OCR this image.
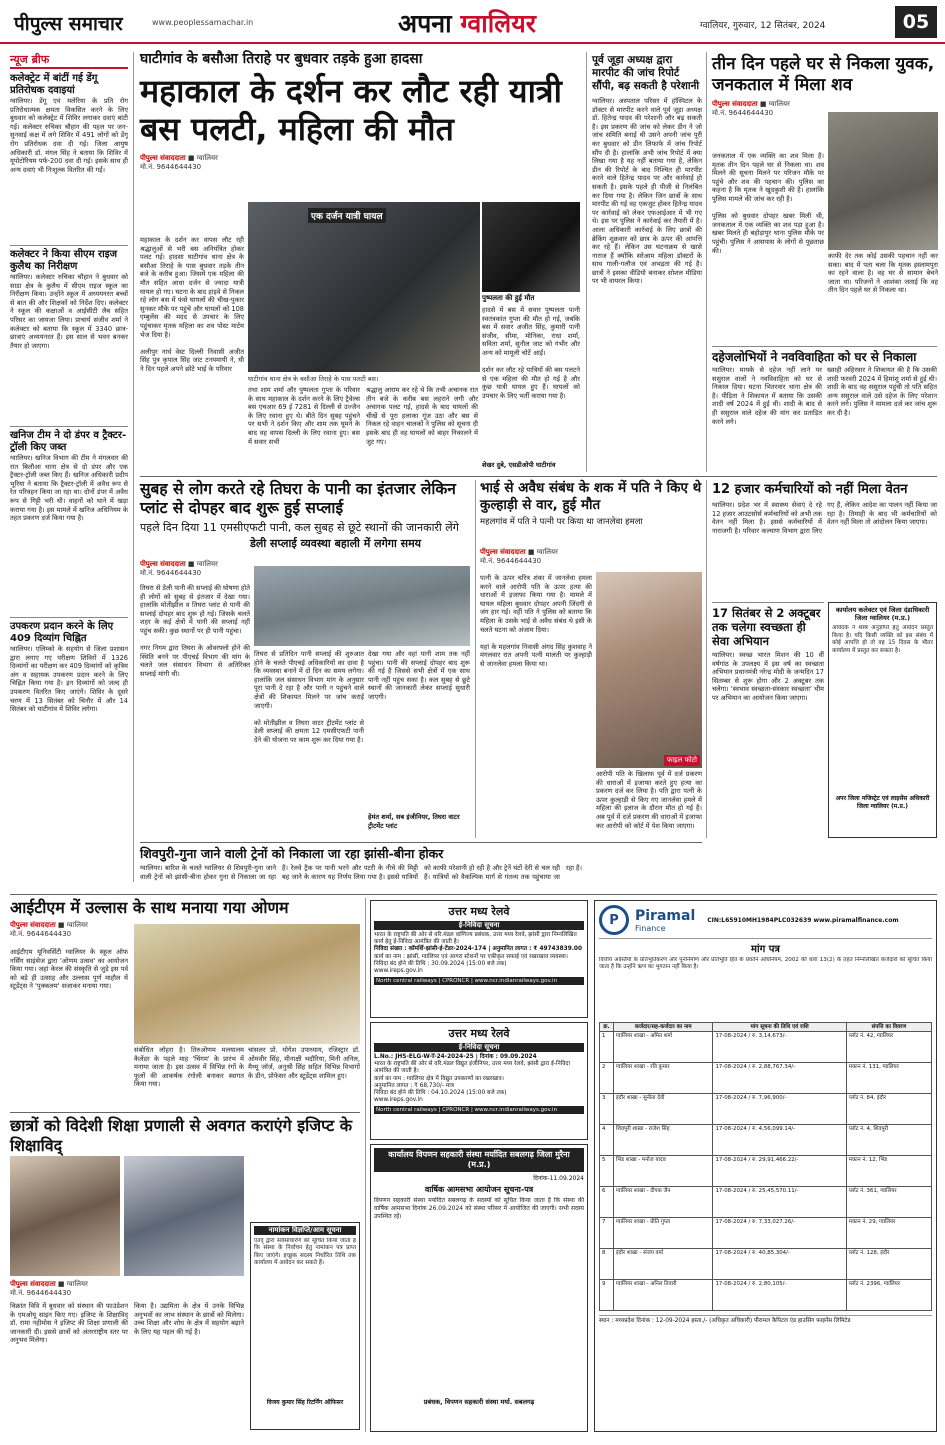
पीपुल्स समाचार	www.peoplessamachar.in	अपना ग्वालियर	ग्वालियर, गुरुवार, 12 सितंबर, 2024	05
न्यूज ब्रीफ
कलेक्ट्रेट में बांटीं गई डेंगू प्रतिरोधक दवाइयां
ग्वालियर। डेंगू एवं मलेरिया के प्रति रोग प्रतिरोधात्मक क्षमता विकसित करने के लिए बुधवार को कलेक्ट्रेट में शिविर लगाकर दवाएं बांटी गई। कलेक्टर रुचिका चौहान की पहल पर जन-सुनवाई कक्ष में लगे शिविर में 491 लोगों को डेंगू रोग प्रतिरोधक दवा दी गई। जिला आयुष अधिकारी डॉ. मंगल सिंह ने बताया कि शिविर में यूपोटोरियम पर्फ-200 दवा दी गई। इसके साथ ही अन्य दवाएं भी निःशुल्क वितरित की गईं।
कलेक्टर ने किया सीएम राइज कुलैथ का निरीक्षण
ग्वालियर। कलेक्टर रुचिका चौहान ने बुधवार को साडा क्षेत्र के कुलैथ में सीएम राइज स्कूल का निरीक्षण किया। उन्होंने स्कूल में अध्ययनरत बच्चों से बात की और शिक्षकों को निर्देश दिए। कलेक्टर ने स्कूल की कक्षाओं व आईसीटी लैब सहित परिसर का जायजा लिया। प्राचार्य संजीव शर्मा ने कलेक्टर को बताया कि स्कूल में 3340 छात्र-छात्राएं अध्ययनरत हैं। इस साल से भवन बनकर तैयार हो जाएगा।
खनिज टीम ने दो डंपर व ट्रैक्टर-ट्रॉली किए जब्त
ग्वालियर। खनिज विभाग की टीम ने मंगलवार की रात बिलौआ थाना क्षेत्र से दो डंपर और एक ट्रैक्टर-ट्रॉली जब्त किए हैं। खनिज अधिकारी प्रदीप भूरिया ने बताया कि ट्रैक्टर-ट्रॉली में अवैध रूप से रेत परिवहन किया जा रहा था। दोनों डंपर में अवैध रूप से गिट्टी भरी थी। वाहनों को थाने में खड़ा कराया गया है। इस मामले में खनिज अधिनियम के तहत प्रकरण दर्ज किया गया है।
उपकरण प्रदान करने के लिए 409 दिव्यांग चिह्नित
ग्वालियर। एलिम्को के सहयोग से जिला प्रशासन द्वारा लगाए गए परीक्षण शिविरों में 1326 दिव्यांगों का परीक्षण कर 409 दिव्यांगों को कृत्रिम अंग व सहायक उपकरण प्रदान करने के लिए चिह्नित किया गया है। इन दिव्यांगों को जल्द ही उपकरण वितरित किए जाएंगे। शिविर के दूसरे चरण में 13 सितंबर को चिनौर में और 14 सितंबर को घाटीगांव में शिविर लगेगा।
घाटीगांव के बसौआ तिराहे पर बुधवार तड़के हुआ हादसा
महाकाल के दर्शन कर लौट रही यात्री बस पलटी, महिला की मौत
पीपुल्स संवाददाता ■ ग्वालियर
मो.नं. 9644644430
एक दर्जन यात्री घायल
पुष्पलता की हुई मौत
महाकाल के दर्शन कर वापस लौट रही श्रद्धालुओं से भरी बस अनियंत्रित होकर पलट गई। हादसा घाटीगांव थाना क्षेत्र के बसौआ तिराहे के पास बुधवार तड़के तीन बजे के करीब हुआ। जिसमें एक महिला की मौत सहित आधा दर्जन से ज्यादा यात्री घायल हो गए। घटना के बाद हाइवे से निकल रहे लोग बस में फंसे घायलों की चीख-पुकार सुनकर मौके पर पहुंचे और घायलों को 108 एम्बुलेंस की मदद से उपचार के लिए पहुंचाकर मृतक महिला का शव पोस्ट मार्टम भेज दिया है।

अलीपुर नार्थ वेस्ट दिल्ली निवासी अजीत सिंह पुत्र कृपाल सिंह जाट टनयमायी ने, घी ने दिन पहले अपने छोटे भाई के परिवार
घाटीगांव थाना क्षेत्र के बसौआ तिराहे के पास पलटी बस।
तथा शाम शर्मा और पुष्पलता गुप्ता के परिवार के साथ महाकाल के दर्शन करने के लिए ट्रैवेल्स बस एचआर 69 ई 7281 से दिल्ली से उज्जैन के लिए रवाना हुए थे। बीते दिन सुबह पहुंचने पर सभी ने दर्शन किए और शाम तक घूमने के बाद वह वापस दिल्ली के लिए रवाना हुए। बस में सवार सभी
श्रद्धालु आराम कर रहे थे कि तभी अचानक रात तीन बजे के करीब बस लहराने लगी और अचानक पलट गई, हादसे के बाद घायलों की चीखें से पूरा हलाका गूंज उठा और बस से निकल रहे वाहन चालकों ने पुलिस को सूचना दी इसके बाद ही वह घायलों को बाहर निकालने में जुट गए।
हादसे में बस में सवार पुष्पलता पत्नी स्वतंत्रकांत गुप्ता की मौत हो गई, जबकि बस में सवार अजीत सिंह, कुमारी पत्नी संजीव, सीमा, मोनिका, राधा शर्मा, सविता शर्मा, सुनील जाट को गंभीर और अन्य को मामूली चोटें आईं।

दर्शन कर लौट रहे यात्रियों की बस पलटने से एक महिला की मौत हो गई है और कुछ यात्री घायल हुए हैं। घायलों को उपचार के लिए भर्ती कराया गया है।
शेखर दुबे, एसडीओपी घाटीगांव
पूर्व जूड़ा अध्यक्ष द्वारा मारपीट की जांच रिपोर्ट सौंपी, बढ़ सकती है परेशानी
ग्वालियर। अस्पताल परिसर में हॉस्पिटल के डॉक्टर से मारपीट करने वाले पूर्व जूड़ा अध्यक्ष डॉ. हितेन्द्र यादव की परेशानी और बढ़ सकती है। इस प्रकरण की जांच को लेकर डीन ने जो जांच समिति बनाई थी उसने अपनी जांच पूरी कर बुधवार को डीन लिफाफे में जांच रिपोर्ट सौंप दी है। हालांकि अभी जांच रिपोर्ट में क्या लिखा गया है यह नहीं बताया गया है, लेकिन डीन की रिपोर्ट के बाद निश्चित ही मारपीट करने वाले हितेन्द्र यादव पर और कार्रवाई हो सकती है। इसके पहले ही पीजी से निलंबित कर दिया गया है। लेकिन जिन छात्रों के साथ मारपीट की गई वह एकजुट होकर हितेन्द्र यादव पर कार्रवाई को लेकर एफआईआर में भी गए थे। इस पर पुलिस ने कार्रवाई कर तैयारी में है। आला अधिकारी कार्रवाई के लिए छात्रों की ब्रेकिंग शुक्रवार को छात्र के ऊपर की आपत्ति कर रहे हैं। लेकिन उस घटनाक्रम से खासे नाराज हैं क्योंकि सरेआम महिला डॉक्टरों के साथ गाली-गलौज एवं अभद्रता की गई है। छात्रों ने इसका वीडियो बनाकर सोशल मीडिया पर भी वायरल किया।
तीन दिन पहले घर से निकला युवक, जनकताल में मिला शव
पीपुल्स संवाददाता ■ ग्वालियर
मो.नं. 9644644430
जनकताल में एक व्यक्ति का शव मिला है। मृतक तीन दिन पहले घर से निकला था। शव मिलने की सूचना मिलने पर परिजन मौके पर पहुंचे और शव की पहचान की। पुलिस का कहना है कि मृतक ने खुदकुशी की है। हालांकि पुलिस मामले की जांच कर रही है।

पुलिस को बुधवार दोपहर खबर मिली थी, जनकताल में एक व्यक्ति का शव पड़ा हुआ है। खबर मिलते ही बहोड़ापुर थाना पुलिस मौके पर पहुंची। पुलिस ने आसपास के लोगों से पूछताछ की।
काफी देर तक कोई उसकी पहचान नहीं कर सका। बाद में पता चला कि मृतक इस्लामपुरा का रहने वाला है। वह घर से सामान बेचने जाता था। परिजनों ने आशंका जताई कि वह तीन दिन पहले घर से निकला था।
दहेजलोभियों ने नवविवाहिता को घर से निकाला
ग्वालियर। मायके से दहेज नहीं लाने पर ससुराल वालों ने नवविवाहिता को घर से निकाल दिया। घटना भितरवार थाना क्षेत्र की है। पीड़िता ने शिकायत में बताया कि उसकी शादी वर्ष 2024 में हुई थी। शादी के बाद से ही ससुराल वाले दहेज की मांग कर प्रताड़ित करने लगे।
ख्वाही अहिरवार ने शिकायत की है कि उसकी शादी फरवरी 2024 में हिमांशु शर्मा से हुई थी। शादी के बाद वह ससुराल पहुंची तो पति सहित अन्य ससुराल वाले उसे दहेज के लिए परेशान करने लगे। पुलिस ने मामला दर्ज कर जांच शुरू कर दी है।
सुबह से लोग करते रहे तिघरा के पानी का इंतजार लेकिन प्लांट से दोपहर बाद शुरू हुई सप्लाई
पहले दिन दिया 11 एमसीएफटी पानी, कल सुबह से छूटे स्थानों की जानकारी लेंगे
डेली सप्लाई व्यवस्था बहाली में लगेगा समय
पीपुल्स संवाददाता ■ ग्वालियर
मो.नं. 9644644430
तिघरा से डेली पानी की सप्लाई की घोषणा होते ही लोगों को सुबह से इंतजार में देखा गया। हालांकि मोतीझील व तिघरा प्लांट से पानी की सप्लाई दोपहर बाद शुरू हो गई। जिसके चलते शहर के कई क्षेत्रों में पानी की सप्लाई नहीं पहुंच सकी। कुछ स्थानों पर ही पानी पहुंचा।

नगर निगम द्वारा तिघरा के ओवरफ्लो होने की स्थिति बनने पर पीएचई विभाग की मांग के चलते जल संसाधन विभाग से अतिरिक्त सप्लाई मांगी थी।
तिघरा से प्रतिदिन पानी सप्लाई की शुरुआत होने के चलते पीएचई अधिकारियों का दावा है कि व्यवस्था बनाने में दो दिन का समय लगेगा। हालांकि जल संसाधन विभाग मांग के अनुसार पूरा पानी दे रहा है और पानी न पहुंचने वाले क्षेत्रों की शिकायत मिलने पर जांच कराई जाएगी।

को मोतीझील व तिघरा वाटर ट्रीटमेंट प्लांट से डेली सप्लाई की क्षमता 12 एमसीएफटी पानी देने की योजना पर काम शुरू कर दिया गया है।
देखा गया और वहां पानी शाम तक नहीं पहुंचा। पानी की सप्लाई दोपहर बाद शुरू की गई है जिससे सभी क्षेत्रों में एक साथ पानी नहीं पहुंच सका है। कल सुबह से छूटे स्थानों की जानकारी लेकर सप्लाई सुधारी जाएगी।
हेमंत शर्मा, सब इंजीनियर, तिघरा वाटर ट्रीटमेंट प्लांट
भाई से अवैध संबंध के शक में पति ने किए थे कुल्हाड़ी से वार, हुई मौत
महलगांव में पति ने पत्नी पर किया था जानलेवा हमला
पीपुल्स संवाददाता ■ ग्वालियर
मो.नं. 9644644430
पत्नी के ऊपर चरित्र शंका में जानलेवा हमला करने वाले आरोपी पति के ऊपर हत्या की धाराओं में इजाफा किया गया है। मामले में घायल महिला बुधवार दोपहर अपनी जिंदगी से जंग हार गई। वहीं पति ने पुलिस को बताया कि महिला के उसके भाई से अवैध संबंध थे इसी के चलते घटना को अंजाम दिया।

यहां के महलगांव निवासी अंगद सिंह कुशवाह ने मंगलवार रात अपनी पत्नी मालती पर कुल्हाड़ी से जानलेवा हमला किया था।
फाइल फोटो
आरोपी पति के खिलाफ पूर्व में दर्ज प्रकरण की धाराओं में इजाफा करते हुए हत्या का प्रकरण दर्ज कर लिया है। पति द्वारा पत्नी के ऊपर कुल्हाड़ी से किए गए जानलेवा हमले में महिला की इलाज के दौरान मौत हो गई है। अब पूर्व में दर्ज प्रकरण की धाराओं में इजाफा कर आरोपी को कोर्ट में पेश किया जाएगा।
12 हजार कर्मचारियों को नहीं मिला वेतन
ग्वालियर। प्रदेश भर में स्वास्थ्य सेवाएं दे रहे 12 हजार आउटसोर्स कर्मचारियों को अभी तक वेतन नहीं मिला है। इससे कर्मचारियों में नाराजगी है। परिवार कल्याण विभाग द्वारा लिए गए हैं, लेकिन आदेश का पालन नहीं किया जा रहा है। तिमाही के बाद भी कर्मचारियों को वेतन नहीं मिला तो आंदोलन किया जाएगा।
17 सितंबर से 2 अक्टूबर तक चलेगा स्वच्छता ही सेवा अभियान
ग्वालियर। स्वच्छ भारत मिशन की 10 वीं वर्षगांठ के उपलक्ष्य में इस वर्ष का स्वच्छता अभियान प्रधानमंत्री नरेन्द्र मोदी के जन्मदिन 17 सितम्बर से शुरू होगा और 2 अक्टूबर तक चलेगा। 'स्वभाव स्वच्छता-संस्कार स्वच्छता' थीम पर अभियान का आयोजन किया जाएगा।
कार्यालय कलेक्टर एवं जिला दंडाधिकारी जिला ग्वालियर (म.प्र.)
आवेदक ने शस्त्र अनुज्ञप्ति हेतु आवेदन प्रस्तुत किया है। यदि किसी व्यक्ति को इस संबंध में कोई आपत्ति हो तो वह 15 दिवस के भीतर कार्यालय में प्रस्तुत कर सकता है।
अपर जिला मजिस्ट्रेट एवं लाइसेंस अधिकारी जिला ग्वालियर (म.प्र.)
शिवपुरी-गुना जाने वाली ट्रेनों को निकाला जा रहा झांसी-बीना होकर
ग्वालियर। बारिश के चलते ग्वालियर से शिवपुरी-गुना जाने वाली ट्रेनों को झांसी-बीना होकर गुना से निकाला जा रहा है। रेलवे ट्रैक पर पानी भरने और पटरी के नीचे की मिट्टी बह जाने के कारण यह निर्णय लिया गया है। इससे यात्रियों को काफी परेशानी हो रही है और ट्रेनें घंटों देरी से चल रही हैं। यात्रियों को वैकल्पिक मार्ग से गंतव्य तक पहुंचाया जा रहा है।
आईटीएम में उल्लास के साथ मनाया गया ओणम
पीपुल्स संवाददाता ■ ग्वालियर
मो.नं. 9644644430
आईटीएम यूनिवर्सिटी ग्वालियर के स्कूल ऑफ नर्सिंग साइंसेज द्वारा 'ओणम उत्सव' का आयोजन किया गया। जहां केरल की संस्कृति से जुड़े इस पर्व को बड़े ही उत्साह और उल्लास पूर्ण माहौल में स्टूडेंट्स ने 'पुक्कलम' सजाकर मनाया गया।
संबोधित लोहरा है। तिरुओणम मलयालम कैलेंडर के पहले माह 'चिंगम' के प्रारंभ में मनाया जाता है। इस उत्सव में विभिन्न रंगों के फूलों की आकर्षक रंगोली बनाकर स्वागत किया गया।
चांसलर प्रो. योगेश उपाध्याय, रजिस्ट्रार डॉ. ओमवीर सिंह, मीनाक्षी भदौरिया, मिनी अनिल, मैथ्यू जॉर्ज, अनुश्री सिंह सहित विभिन्न विभागों के डीन, प्रोफेसर और स्टूडेंट्स शामिल हुए।
छात्रों को विदेशी शिक्षा प्रणाली से अवगत कराएंगे इजिप्ट के शिक्षाविद्
पीपुल्स संवाददाता ■ ग्वालियर
मो.नं. 9644644430
विक्रांत विवि में बुधवार को संस्थान की फाउंडेशन के एमओयू साइन किए गए। इजिप्ट के शिक्षाविद् डॉ. रामा नहीमोस ने इजिप्ट की शिक्षा प्रणाली की जानकारी दी। इससे छात्रों को अंतरराष्ट्रीय स्तर पर अनुभव मिलेगा।
किया है। उद्यमिता के क्षेत्र में उनके विभिन्न अनुभवों का लाभ संस्थान के छात्रों को मिलेगा। उच्च शिक्षा और शोध के क्षेत्र में सहयोग बढ़ाने के लिए यह पहल की गई है।
नामांकन विज्ञप्ति/आम सूचना
एतद् द्वारा सर्वसाधारण को सूचित किया जाता है कि संस्था के निर्वाचन हेतु नामांकन पत्र प्राप्त किए जाएंगे। इच्छुक सदस्य निर्धारित तिथि तक कार्यालय में आवेदन कर सकते हैं।
विजय कुमार सिंह रिटर्निंग ऑफिसर
उत्तर मध्य रेलवे
ई-निविदा सूचना
भारत के राष्ट्रपति की ओर से वरि.मंडल वाणिज्य प्रबंधक, उत्तर मध्य रेलवे, झांसी द्वारा निम्नलिखित कार्य हेतु ई-निविदा आमंत्रित की जाती है।
निविदा संख्या : कॉमर्शि-झांसी-ई-टेंडर-2024-174 | अनुमानित लागत : ₹ 49743839.00
कार्य का नाम : झांसी, ग्वालियर एवं आगरा स्टेशनों पर एकीकृत सफाई एवं रखरखाव व्यवस्था।
निविदा बंद होने की तिथि : 30.09.2024 (15:00 बजे तक)
www.ireps.gov.in
North central railways | CPRONCR | www.ncr.indianrailways.gov.in
उत्तर मध्य रेलवे
ई-निविदा सूचना
L.No.: JHS-ELG-W-T-24-2024-25 | दिनांक : 09.09.2024
भारत के राष्ट्रपति की ओर से वरि.मंडल विद्युत इंजीनियर, उत्तर मध्य रेलवे, झांसी द्वारा ई-निविदा आमंत्रित की जाती है।
कार्य का नाम : ग्वालियर क्षेत्र में विद्युत उपकरणों का रखरखाव।
अनुमानित लागत : ₹ 68,730/- मात्र
निविदा बंद होने की तिथि : 04.10.2024 (15:00 बजे तक)
www.ireps.gov.in
North central railways | CPRONCR | www.ncr.indianrailways.gov.in
कार्यालय विपणन सहकारी संस्था मर्यादित सबलगढ़ जिला मुरैना (म.प्र.)
दिनांक-11.09.2024
वार्षिक आमसभा आयोजन सूचना-पत्र
विपणन सहकारी संस्था मर्यादित सबलगढ़ के सदस्यों को सूचित किया जाता है कि संस्था की वार्षिक आमसभा दिनांक 26.09.2024 को संस्था परिसर में आयोजित की जाएगी। सभी सदस्य उपस्थित रहें।
प्रबंधक, विपणन सहकारी संस्था मर्या. सबलगढ़
P	Piramal
Finance
CIN:L65910MH1984PLC032639 www.piramalfinance.com
मांग पत्र
वित्तीय आस्तियों के प्रतिभूतिकरण और पुनर्निर्माण और प्रतिभूति हित के प्रवर्तन अधिनियम, 2002 की धारा 13(2) के तहत निम्नलिखित कर्जदारों को सूचित किया जाता है कि उन्होंने ऋण का भुगतान नहीं किया है।
क्र.	कर्जदार/सह-कर्जदार का नाम	मांग सूचना की तिथि एवं राशि	संपत्ति का विवरण
1	ग्वालियर शाखा - अमित शर्मा	17-08-2024 / रु. 3,14,673/-	प्लॉट नं. 42, ग्वालियर
2	ग्वालियर शाखा - रवि कुमार	17-08-2024 / रु. 2,88,767.34/-	मकान नं. 131, ग्वालियर
3	इंदौर शाखा - सुनीता देवी	17-08-2024 / रु. 7,96,900/-	प्लॉट नं. 84, इंदौर
4	शिवपुरी शाखा - राजेश सिंह	17-08-2024 / रु. 4,56,099.14/-	प्लॉट नं. 4, शिवपुरी
5	भिंड शाखा - मनोज यादव	17-08-2024 / रु. 29,91,466.22/-	मकान नं. 12, भिंड
6	ग्वालियर शाखा - दीपक जैन	17-08-2024 / रु. 25,45,570.11/-	प्लॉट नं. 361, ग्वालियर
7	ग्वालियर शाखा - प्रीति गुप्ता	17-08-2024 / रु. 7,33,027.26/-	मकान नं. 29, ग्वालियर
8	इंदौर शाखा - संजय वर्मा	17-08-2024 / रु. 40,85,304/-	प्लॉट नं. 128, इंदौर
9	ग्वालियर शाखा - अनिल तिवारी	17-08-2024 / रु. 2,80,105/-	प्लॉट नं. 2396, ग्वालियर
स्थान : मध्यप्रदेश दिनांक : 12-09-2024 हस्ता./- (अधिकृत अधिकारी) पीरामल कैपिटल एंड हाउसिंग फाइनेंस लिमिटेड
